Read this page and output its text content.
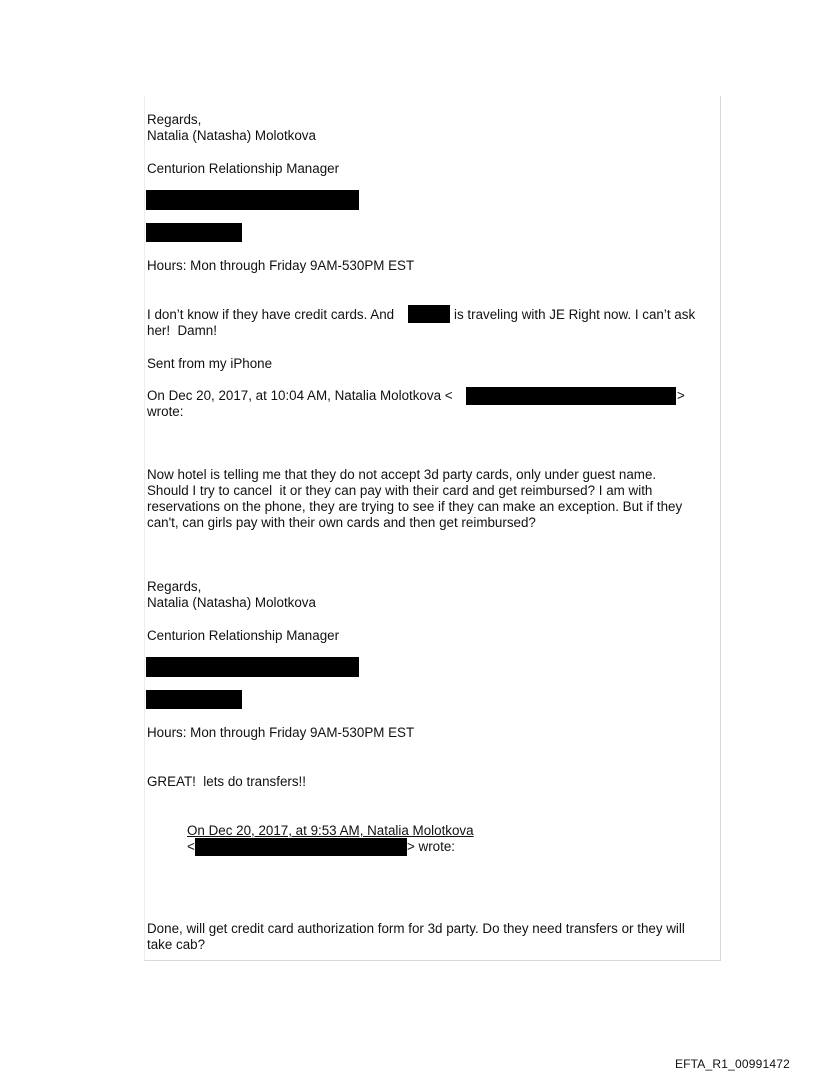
Regards,
Natalia (Natasha) Molotkova
Centurion Relationship Manager
Hours: Mon through Friday 9AM-530PM EST
I don’t know if they have credit cards. And	is traveling with JE Right now. I can’t ask
her!  Damn!
Sent from my iPhone
On Dec 20, 2017, at 10:04 AM, Natalia Molotkova <	>
wrote:
Now hotel is telling me that they do not accept 3d party cards, only under guest name.
Should I try to cancel  it or they can pay with their card and get reimbursed? I am with
reservations on the phone, they are trying to see if they can make an exception. But if they
can't, can girls pay with their own cards and then get reimbursed?
Regards,
Natalia (Natasha) Molotkova
Centurion Relationship Manager
Hours: Mon through Friday 9AM-530PM EST
GREAT!  lets do transfers!!
On Dec 20, 2017, at 9:53 AM, Natalia Molotkova
<	> wrote:
Done, will get credit card authorization form for 3d party. Do they need transfers or they will
take cab?
EFTA_R1_00991472
